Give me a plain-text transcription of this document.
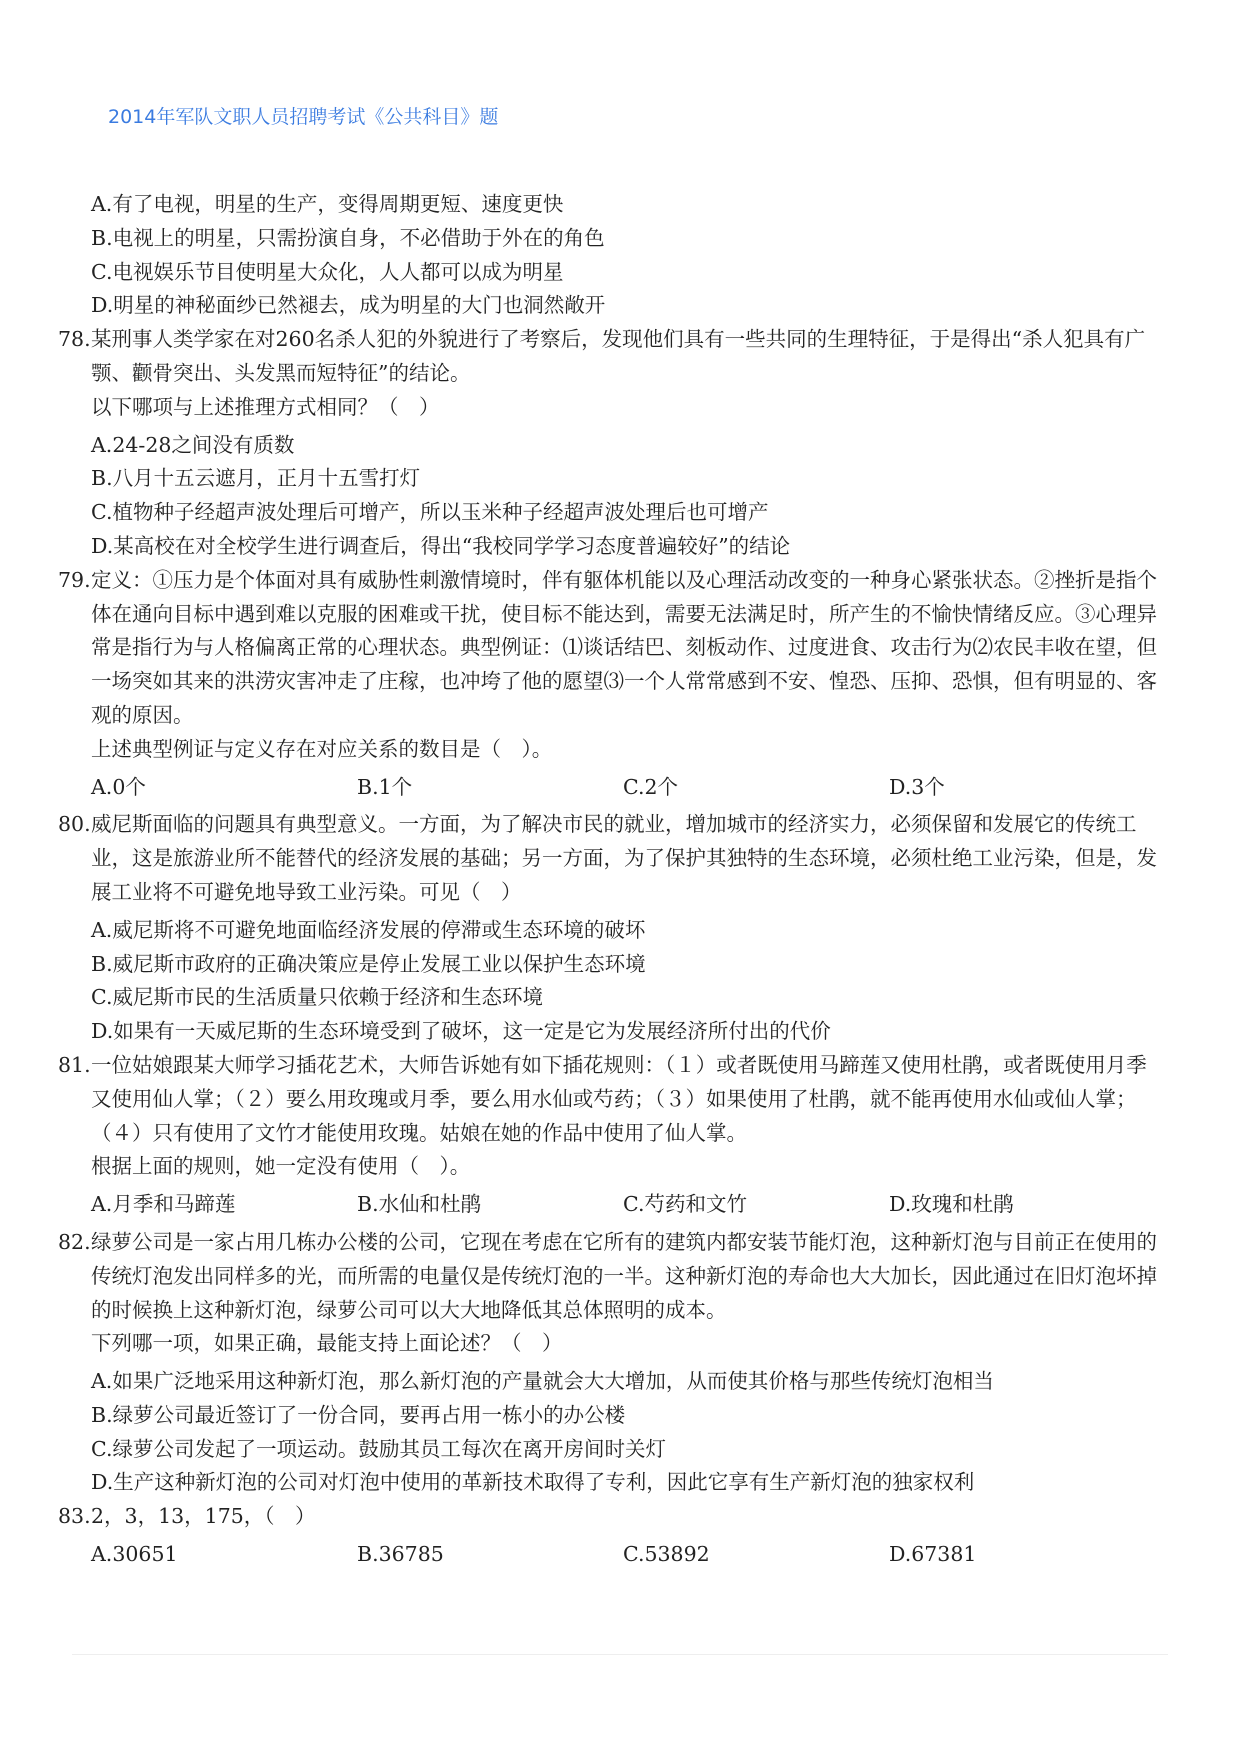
2014年军队文职人员招聘考试《公共科目》题
A.有了电视，明星的生产，变得周期更短、速度更快
B.电视上的明星，只需扮演自身，不必借助于外在的角色
C.电视娱乐节目使明星大众化，人人都可以成为明星
D.明星的神秘面纱已然褪去，成为明星的大门也洞然敞开
78. 某刑事人类学家在对260名杀人犯的外貌进行了考察后，发现他们具有一些共同的生理特征，于是得出“杀人犯具有广颚、颧骨突出、头发黑而短特征”的结论。
以下哪项与上述推理方式相同？（　）
A.24-28之间没有质数
B.八月十五云遮月，正月十五雪打灯
C.植物种子经超声波处理后可增产，所以玉米种子经超声波处理后也可增产
D.某高校在对全校学生进行调查后，得出“我校同学学习态度普遍较好”的结论
79. 定义：①压力是个体面对具有威胁性刺激情境时，伴有躯体机能以及心理活动改变的一种身心紧张状态。②挫折是指个体在通向目标中遇到难以克服的困难或干扰，使目标不能达到，需要无法满足时，所产生的不愉快情绪反应。③心理异常是指行为与人格偏离正常的心理状态。典型例证：⑴谈话结巴、刻板动作、过度进食、攻击行为⑵农民丰收在望，但一场突如其来的洪涝灾害冲走了庄稼，也冲垮了他的愿望⑶一个人常常感到不安、惶恐、压抑、恐惧，但有明显的、客观的原因。
上述典型例证与定义存在对应关系的数目是（　）。
A.0个	B.1个	C.2个	D.3个
80. 威尼斯面临的问题具有典型意义。一方面，为了解决市民的就业，增加城市的经济实力，必须保留和发展它的传统工业，这是旅游业所不能替代的经济发展的基础；另一方面，为了保护其独特的生态环境，必须杜绝工业污染，但是，发展工业将不可避免地导致工业污染。可见（　）
A.威尼斯将不可避免地面临经济发展的停滞或生态环境的破坏
B.威尼斯市政府的正确决策应是停止发展工业以保护生态环境
C.威尼斯市民的生活质量只依赖于经济和生态环境
D.如果有一天威尼斯的生态环境受到了破坏，这一定是它为发展经济所付出的代价
81. 一位姑娘跟某大师学习插花艺术，大师告诉她有如下插花规则：（１）或者既使用马蹄莲又使用杜鹃，或者既使用月季又使用仙人掌；（２）要么用玫瑰或月季，要么用水仙或芍药；（３）如果使用了杜鹃，就不能再使用水仙或仙人掌；（４）只有使用了文竹才能使用玫瑰。姑娘在她的作品中使用了仙人掌。
根据上面的规则，她一定没有使用（　）。
A.月季和马蹄莲	B.水仙和杜鹃	C.芍药和文竹	D.玫瑰和杜鹃
82. 绿萝公司是一家占用几栋办公楼的公司，它现在考虑在它所有的建筑内都安装节能灯泡，这种新灯泡与目前正在使用的传统灯泡发出同样多的光，而所需的电量仅是传统灯泡的一半。这种新灯泡的寿命也大大加长，因此通过在旧灯泡坏掉的时候换上这种新灯泡，绿萝公司可以大大地降低其总体照明的成本。
下列哪一项，如果正确，最能支持上面论述？（　）
A.如果广泛地采用这种新灯泡，那么新灯泡的产量就会大大增加，从而使其价格与那些传统灯泡相当
B.绿萝公司最近签订了一份合同，要再占用一栋小的办公楼
C.绿萝公司发起了一项运动。鼓励其员工每次在离开房间时关灯
D.生产这种新灯泡的公司对灯泡中使用的革新技术取得了专利，因此它享有生产新灯泡的独家权利
83. 2，3，13，175，（　）
A.30651	B.36785	C.53892	D.67381
